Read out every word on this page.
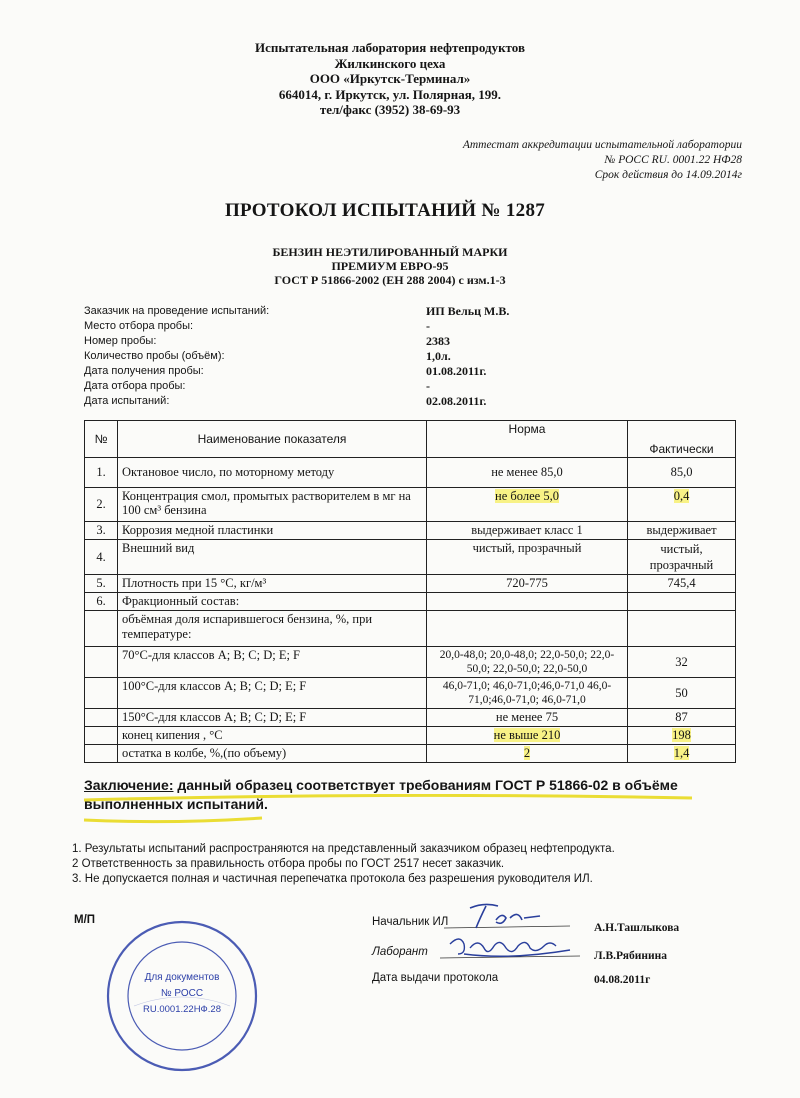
Испытательная лаборатория нефтепродуктов
Жилкинского цеха
ООО «Иркутск-Терминал»
664014, г. Иркутск, ул. Полярная, 199.
тел/факс (3952) 38-69-93
Аттестат аккредитации испытательной лаборатории
№ РОСС RU. 0001.22 НФ28
Срок действия до 14.09.2014г
ПРОТОКОЛ ИСПЫТАНИЙ № 1287
БЕНЗИН НЕЭТИЛИРОВАННЫЙ МАРКИ
ПРЕМИУМ ЕВРО-95
ГОСТ Р 51866-2002 (ЕН 288 2004) с изм.1-3
Заказчик на проведение испытаний:	ИП Вельц М.В.
Место отбора пробы:	-
Номер пробы:	2383
Количество пробы (объём):	1,0л.
Дата получения пробы:	01.08.2011г.
Дата отбора пробы:	-
Дата испытаний:	02.08.2011г.
№	Наименование показателя	Норма	Фактически
1.	Октановое число, по моторному методу	не менее 85,0	85,0
2.	Концентрация смол, промытых растворителем в мг на 100 см³ бензина	не более 5,0	0,4
3.	Коррозия медной пластинки	выдерживает класс 1	выдерживает
4.	Внешний вид	чистый, прозрачный	чистый, прозрачный
5.	Плотность при 15 °С, кг/м³	720-775	745,4
6.	Фракционный состав:		
	объёмная доля испарившегося бензина, %, при температуре:		
	70°С-для классов A; B; C; D; E; F	20,0-48,0; 20,0-48,0; 22,0-50,0; 22,0-50,0; 22,0-50,0; 22,0-50,0	32
	100°С-для классов A; B; C; D; E; F	46,0-71,0; 46,0-71,0;46,0-71,0 46,0-71,0;46,0-71,0; 46,0-71,0	50
	150°С-для классов A; B; C; D; E; F	не менее 75	87
	конец кипения , °С	не выше 210	198
	остатка в колбе, %,(по объему)	2	1,4
Заключение: данный образец соответствует требованиям ГОСТ Р 51866-02 в объёме выполненных испытаний.
1. Результаты испытаний распространяются на представленный заказчиком образец нефтепродукта.
2 Ответственность за правильность отбора пробы по ГОСТ 2517 несет заказчик.
3. Не допускается полная и частичная перепечатка протокола без разрешения руководителя ИЛ.
М/П	Начальник ИЛ	А.Н.Ташлыкова
Лаборант	Л.В.Рябинина
Дата выдачи протокола	04.08.2011г
Для документов
№ РОСС
RU.0001.22НФ.28
